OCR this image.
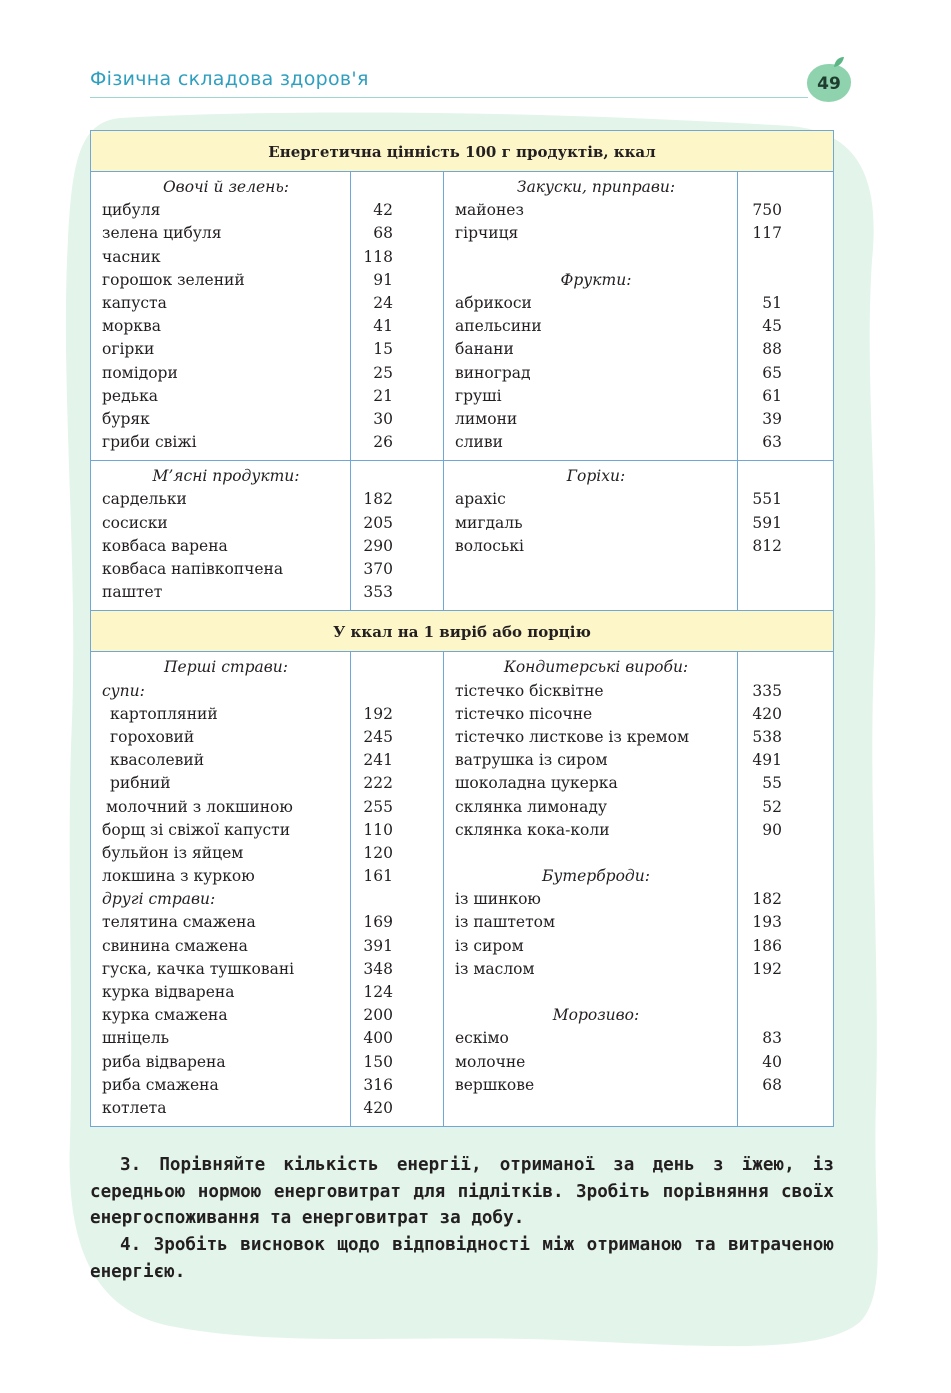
Фізична складова здоров'я	49
Енергетична цінність 100 г продуктів, ккал
Овочі й зелень:
цибуля
зелена цибуля
часник
горошок зелений
капуста
морква
огірки
помідори
редька
буряк
гриби свіжі
42
68
118
91
24
41
15
25
21
30
26
Закуски, приправи:
майонез
гірчиця
Фрукти:
абрикоси
апельсини
банани
виноград
груші
лимони
сливи
750
117
51
45
88
65
61
39
63
М’ясні продукти:
сардельки
сосиски
ковбаса варена
ковбаса напівкопчена
паштет
182
205
290
370
353
Горіхи:
арахіс
мигдаль
волоські
551
591
812
У ккал на 1 виріб або порцію
Перші страви:
супи:
картопляний
гороховий
квасолевий
рибний
молочний з локшиною
борщ зі свіжої капусти
бульйон із яйцем
локшина з куркою
другі страви:
телятина смажена
свинина смажена
гуска, качка тушковані
курка відварена
курка смажена
шніцель
риба відварена
риба смажена
котлета
192
245
241
222
255
110
120
161
169
391
348
124
200
400
150
316
420
Кондитерські вироби:
тістечко бісквітне
тістечко пісочне
тістечко листкове із кремом
ватрушка із сиром
шоколадна цукерка
склянка лимонаду
склянка кока-коли
Бутерброди:
із шинкою
із паштетом
із сиром
із маслом
Морозиво:
ескімо
молочне
вершкове
335
420
538
491
55
52
90
182
193
186
192
83
40
68
3. Порівняйте кількість енергії, отриманої за день з їжею, із середньою нормою енерговитрат для підлітків. Зробіть порівняння своїх енергоспоживання та енерговитрат за добу.
4. Зробіть висновок щодо відповідності між отриманою та витраченою енергією.
